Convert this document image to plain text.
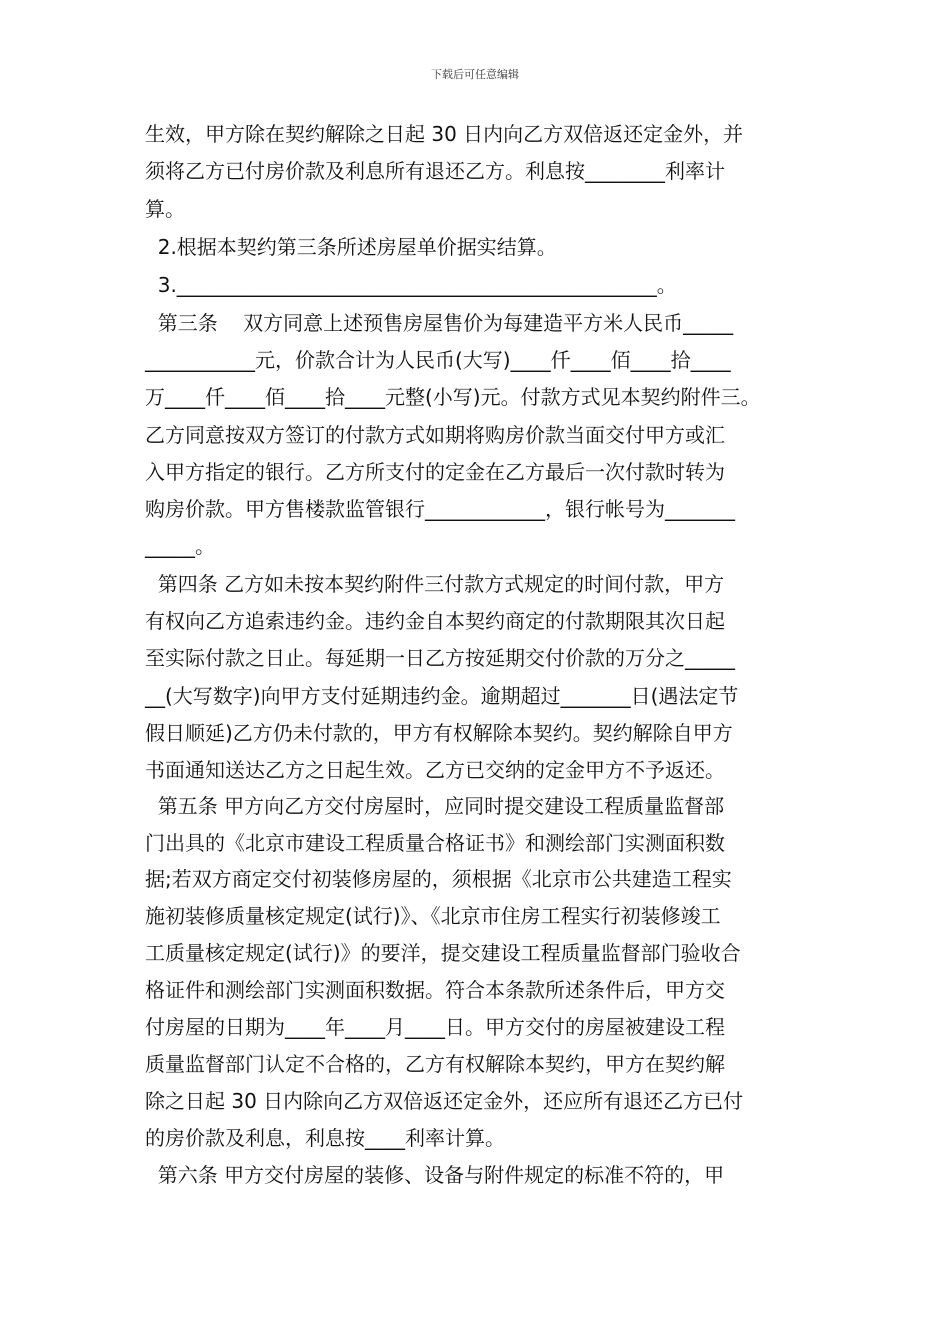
下载后可任意编辑
生效，甲方除在契约解除之日起 30 日内向乙方双倍返还定金外，并
须将乙方已付房价款及利息所有退还乙方。利息按________利率计
算。
2.根据本契约第三条所述房屋单价据实结算。
3.________________________________________________。
第三条    双方同意上述预售房屋售价为每建造平方米人民币_____
___________元，价款合计为人民币(大写)____仟____佰____拾____
万____仟____佰____拾____元整(小写)元。付款方式见本契约附件三。
乙方同意按双方签订的付款方式如期将购房价款当面交付甲方或汇
入甲方指定的银行。乙方所支付的定金在乙方最后一次付款时转为
购房价款。甲方售楼款监管银行____________，银行帐号为_______
_____。
第四条 乙方如未按本契约附件三付款方式规定的时间付款，甲方
有权向乙方追索违约金。违约金自本契约商定的付款期限其次日起
至实际付款之日止。每延期一日乙方按延期交付价款的万分之_____
__(大写数字)向甲方支付延期违约金。逾期超过_______日(遇法定节
假日顺延)乙方仍未付款的，甲方有权解除本契约。契约解除自甲方
书面通知送达乙方之日起生效。乙方已交纳的定金甲方不予返还。
第五条 甲方向乙方交付房屋时，应同时提交建设工程质量监督部
门出具的《北京市建设工程质量合格证书》和测绘部门实测面积数
据;若双方商定交付初装修房屋的，须根据《北京市公共建造工程实
施初装修质量核定规定(试行)》、《北京市住房工程实行初装修竣工
工质量核定规定(试行)》的要洋，提交建设工程质量监督部门验收合
格证件和测绘部门实测面积数据。符合本条款所述条件后，甲方交
付房屋的日期为____年____月____日。甲方交付的房屋被建设工程
质量监督部门认定不合格的，乙方有权解除本契约，甲方在契约解
除之日起 30 日内除向乙方双倍返还定金外，还应所有退还乙方已付
的房价款及利息，利息按____利率计算。
第六条 甲方交付房屋的装修、设备与附件规定的标准不符的，甲
